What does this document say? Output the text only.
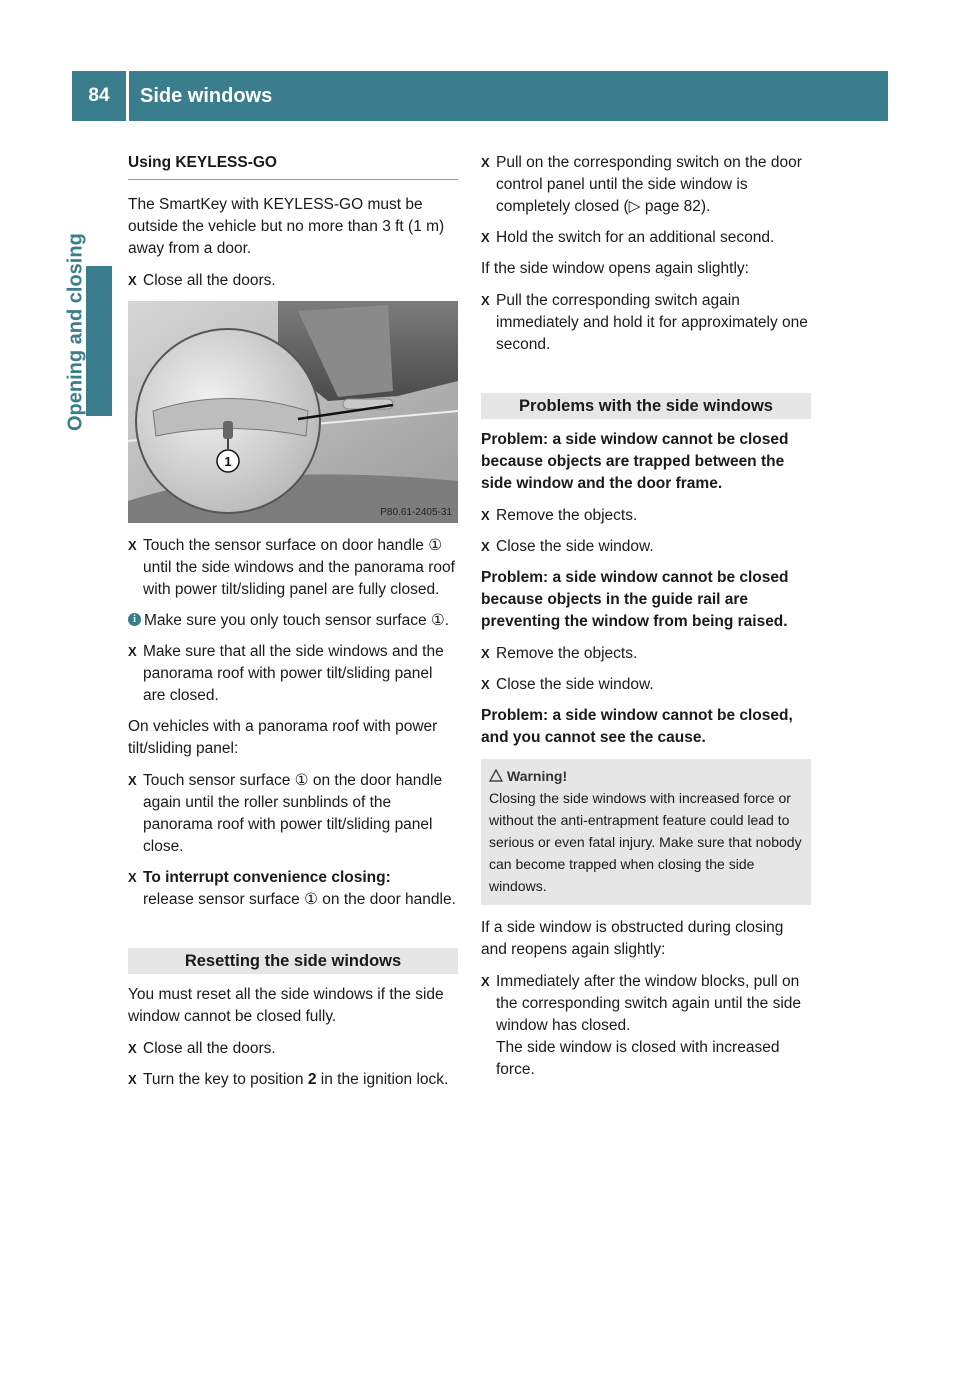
84	Side windows
Opening and closing
Using KEYLESS-GO

The SmartKey with KEYLESS-GO must be outside the vehicle but no more than 3 ft (1 m) away from a door.

X Close all the doors.
1
P80.61-2405-31
X Touch the sensor surface on door handle ① until the side windows and the panorama roof with power tilt/sliding panel are fully closed.
i Make sure you only touch sensor surface ①.
X Make sure that all the side windows and the panorama roof with power tilt/sliding panel are closed.

On vehicles with a panorama roof with power tilt/sliding panel:

X Touch sensor surface ① on the door handle again until the roller sunblinds of the panorama roof with power tilt/sliding panel close.
X To interrupt convenience closing:
release sensor surface ① on the door handle.
Resetting the side windows

You must reset all the side windows if the side window cannot be closed fully.

X Close all the doors.
X Turn the key to position 2 in the ignition lock.
X Pull on the corresponding switch on the door control panel until the side window is completely closed (▷ page 82).
X Hold the switch for an additional second.

If the side window opens again slightly:

X Pull the corresponding switch again immediately and hold it for approximately one second.
Problems with the side windows

Problem: a side window cannot be closed because objects are trapped between the side window and the door frame.

X Remove the objects.
X Close the side window.

Problem: a side window cannot be closed because objects in the guide rail are preventing the window from being raised.

X Remove the objects.
X Close the side window.

Problem: a side window cannot be closed, and you cannot see the cause.

Warning!
Closing the side windows with increased force or without the anti-entrapment feature could lead to serious or even fatal injury. Make sure that nobody can become trapped when closing the side windows.

If a side window is obstructed during closing and reopens again slightly:

X Immediately after the window blocks, pull on the corresponding switch again until the side window has closed.
The side window is closed with increased force.
